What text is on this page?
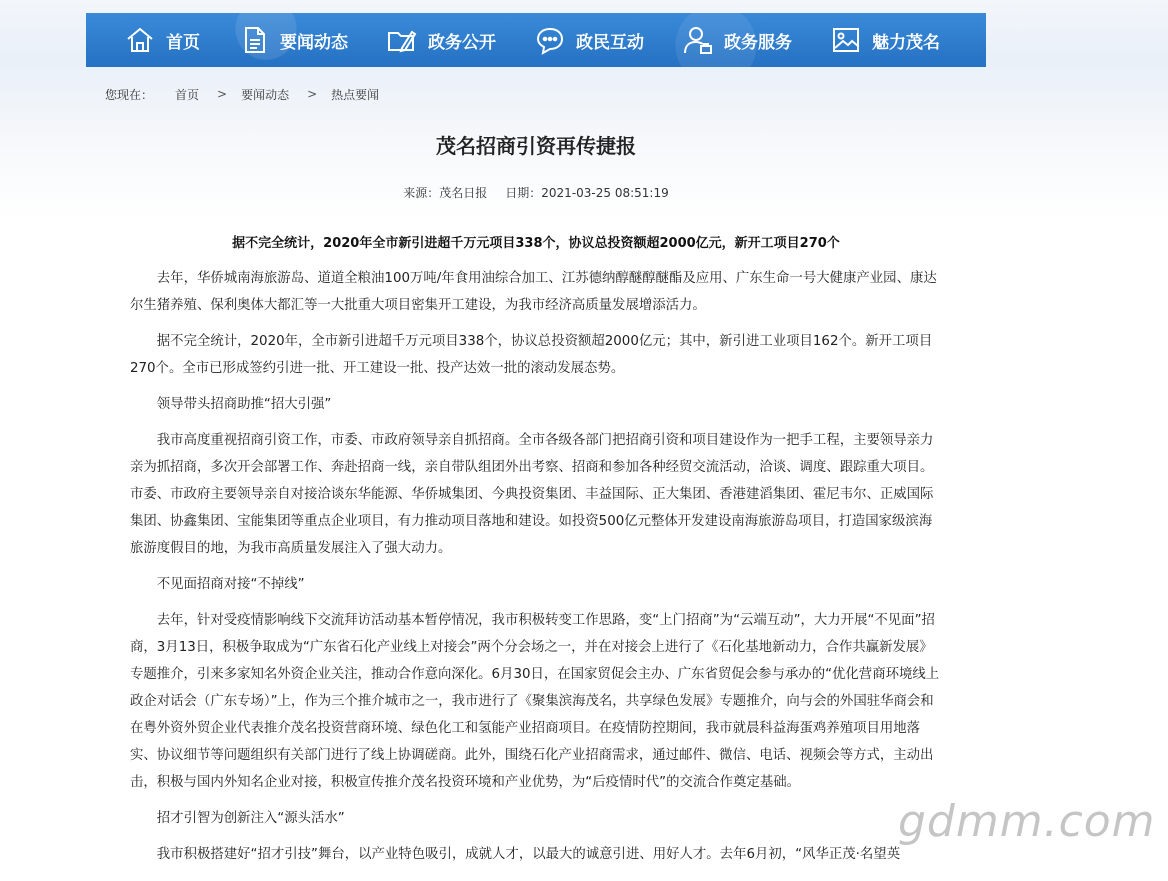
首页	要闻动态	政务公开	政民互动	政务服务	魅力茂名
您现在： 首页 > 要闻动态 > 热点要闻
茂名招商引资再传捷报
来源：茂名日报 日期：2021-03-25 08:51:19
据不完全统计，2020年全市新引进超千万元项目338个，协议总投资额超2000亿元，新开工项目270个

去年，华侨城南海旅游岛、道道全粮油100万吨/年食用油综合加工、江苏德纳醇醚醇醚酯及应用、广东生命一号大健康产业园、康达尔生猪养殖、保利奥体大都汇等一大批重大项目密集开工建设，为我市经济高质量发展增添活力。

据不完全统计，2020年，全市新引进超千万元项目338个，协议总投资额超2000亿元；其中，新引进工业项目162个。新开工项目270个。全市已形成签约引进一批、开工建设一批、投产达效一批的滚动发展态势。

领导带头招商助推“招大引强”

我市高度重视招商引资工作，市委、市政府领导亲自抓招商。全市各级各部门把招商引资和项目建设作为一把手工程，主要领导亲力亲为抓招商，多次开会部署工作、奔赴招商一线，亲自带队组团外出考察、招商和参加各种经贸交流活动，洽谈、调度、跟踪重大项目。市委、市政府主要领导亲自对接洽谈东华能源、华侨城集团、今典投资集团、丰益国际、正大集团、香港建滔集团、霍尼韦尔、正威国际集团、协鑫集团、宝能集团等重点企业项目，有力推动项目落地和建设。如投资500亿元整体开发建设南海旅游岛项目，打造国家级滨海旅游度假目的地，为我市高质量发展注入了强大动力。

不见面招商对接“不掉线”

去年，针对受疫情影响线下交流拜访活动基本暂停情况，我市积极转变工作思路，变“上门招商”为“云端互动”，大力开展“不见面”招商，3月13日，积极争取成为“广东省石化产业线上对接会”两个分会场之一，并在对接会上进行了《石化基地新动力，合作共赢新发展》专题推介，引来多家知名外资企业关注，推动合作意向深化。6月30日，在国家贸促会主办、广东省贸促会参与承办的“优化营商环境线上政企对话会（广东专场）”上，作为三个推介城市之一，我市进行了《聚集滨海茂名，共享绿色发展》专题推介，向与会的外国驻华商会和在粤外资外贸企业代表推介茂名投资营商环境、绿色化工和氢能产业招商项目。在疫情防控期间，我市就晨科益海蛋鸡养殖项目用地落实、协议细节等问题组织有关部门进行了线上协调磋商。此外，围绕石化产业招商需求，通过邮件、微信、电话、视频会等方式，主动出击，积极与国内外知名企业对接，积极宣传推介茂名投资环境和产业优势，为“后疫情时代”的交流合作奠定基础。

招才引智为创新注入“源头活水”

我市积极搭建好“招才引技”舞台，以产业特色吸引，成就人才，以最大的诚意引进、用好人才。去年6月初，“风华正茂·名望英

gdmm.com
